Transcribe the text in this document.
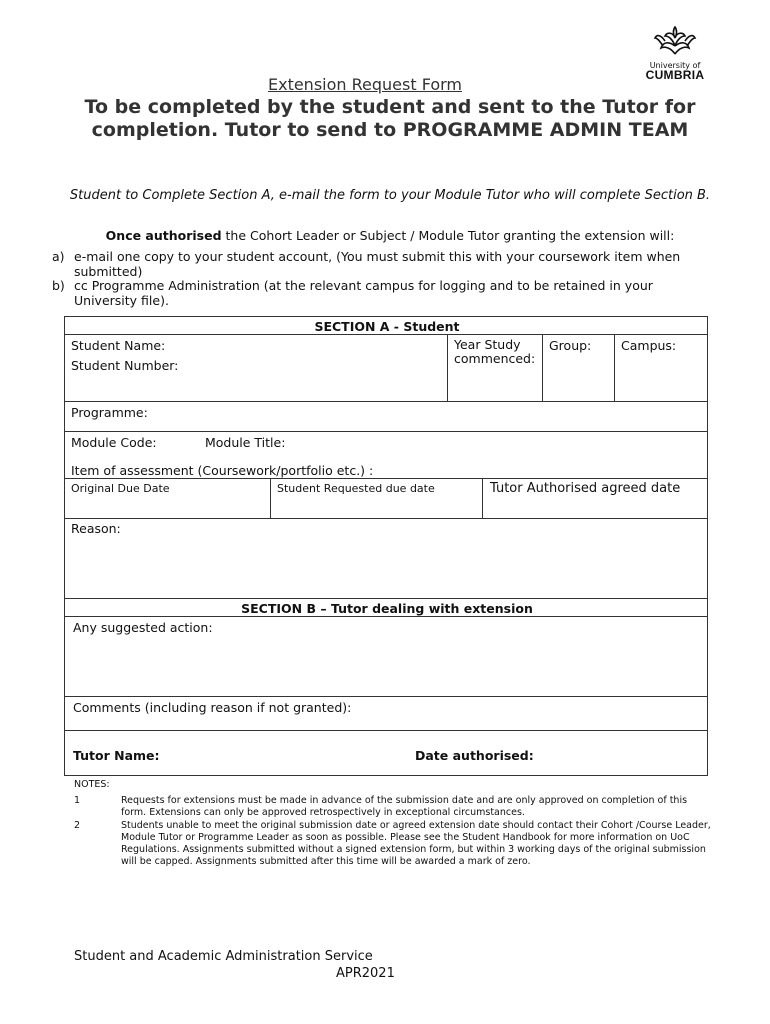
University of
CUMBRIA
Extension Request Form
To be completed by the student and sent to the Tutor for completion. Tutor to send to PROGRAMME ADMIN TEAM
Student to Complete Section A, e-mail the form to your Module Tutor who will complete Section B.
Once authorised the Cohort Leader or Subject / Module Tutor granting the extension will:
a) e-mail one copy to your student account, (You must submit this with your coursework item when submitted)
b) cc Programme Administration (at the relevant campus for logging and to be retained in your University file).
SECTION A - Student
Student Name:
Student Number:
Year Study commenced:
Group: Campus:
Programme:
Module Code:	Module Title:
Item of assessment (Coursework/portfolio etc.) :
Original Due Date	Student Requested due date	Tutor Authorised agreed date
Reason:
SECTION B – Tutor dealing with extension
Any suggested action:
Comments (including reason if not granted):
Tutor Name:	Date authorised:
NOTES:
1	Requests for extensions must be made in advance of the submission date and are only approved on completion of this form. Extensions can only be approved retrospectively in exceptional circumstances.
2	Students unable to meet the original submission date or agreed extension date should contact their Cohort /Course Leader, Module Tutor or Programme Leader as soon as possible. Please see the Student Handbook for more information on UoC Regulations. Assignments submitted without a signed extension form, but within 3 working days of the original submission will be capped. Assignments submitted after this time will be awarded a mark of zero.
Student and Academic Administration Service
APR2021
